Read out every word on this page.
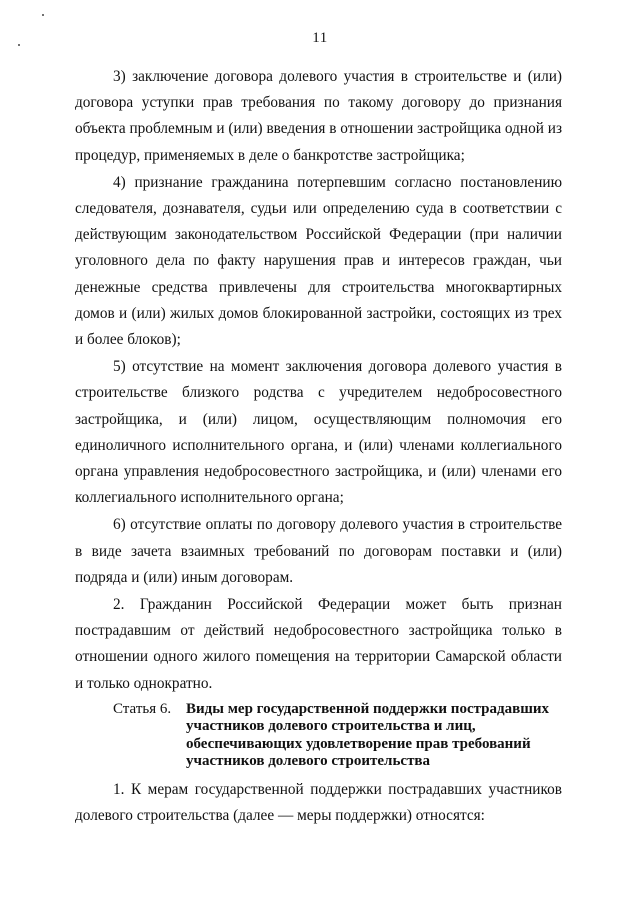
11

3) заключение договора долевого участия в строительстве и (или) договора уступки прав требования по такому договору до признания объекта проблемным и (или) введения в отношении застройщика одной из процедур, применяемых в деле о банкротстве застройщика;

4) признание гражданина потерпевшим согласно постановлению следователя, дознавателя, судьи или определению суда в соответствии с действующим законодательством Российской Федерации (при наличии уголовного дела по факту нарушения прав и интересов граждан, чьи денежные средства привлечены для строительства многоквартирных домов и (или) жилых домов блокированной застройки, состоящих из трех и более блоков);

5) отсутствие на момент заключения договора долевого участия в строительстве близкого родства с учредителем недобросовестного застройщика, и (или) лицом, осуществляющим полномочия его единоличного исполнительного органа, и (или) членами коллегиального органа управления недобросовестного застройщика, и (или) членами его коллегиального исполнительного органа;

6) отсутствие оплаты по договору долевого участия в строительстве в виде зачета взаимных требований по договорам поставки и (или) подряда и (или) иным договорам.

2. Гражданин Российской Федерации может быть признан пострадавшим от действий недобросовестного застройщика только в отношении одного жилого помещения на территории Самарской области и только однократно.

Статья 6. Виды мер государственной поддержки пострадавших участников долевого строительства и лиц, обеспечивающих удовлетворение прав требований участников долевого строительства

1. К мерам государственной поддержки пострадавших участников долевого строительства (далее — меры поддержки) относятся:
